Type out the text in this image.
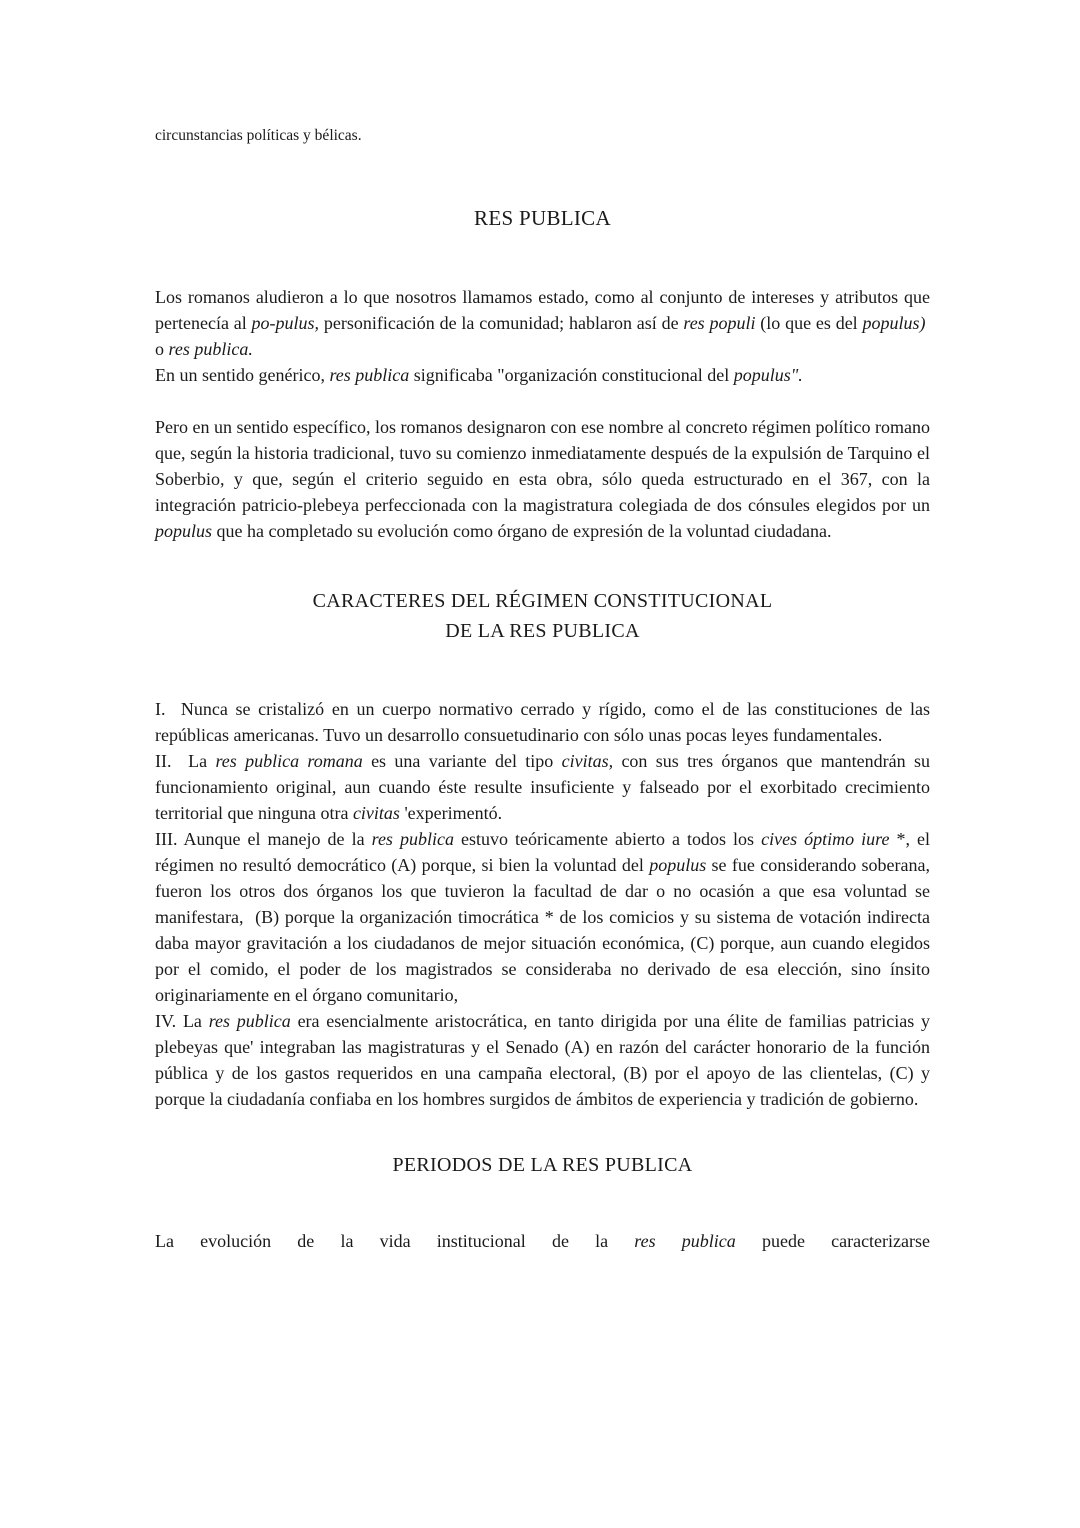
circunstancias políticas y bélicas.

RES PUBLICA

Los romanos aludieron a lo que nosotros llamamos estado, como al conjunto de intereses y atributos que pertenecía al po-pulus, personificación de la comunidad; hablaron así de res populi (lo que es del populus)  o res publica.

En un sentido genérico, res publica significaba "organización constitucional del populus".

Pero en un sentido específico, los romanos designaron con ese nombre al concreto régimen político romano que, según la historia tradicional, tuvo su comienzo inmediatamente después de la expulsión de Tarquino el Soberbio, y que, según el criterio seguido en esta obra, sólo queda estructurado en el 367, con la integración patricio-plebeya perfeccionada con la magistratura colegiada de dos cónsules elegidos por un populus que ha completado su evolución como órgano de expresión de la voluntad ciudadana.

CARACTERES DEL RÉGIMEN CONSTITUCIONAL
DE LA RES PUBLICA

I.  Nunca se cristalizó en un cuerpo normativo cerrado y rígido, como el de las constituciones de las repúblicas americanas. Tuvo un desarrollo consuetudinario con sólo unas pocas leyes fundamentales.

II.  La res publica romana es una variante del tipo civitas, con sus tres órganos que mantendrán su funcionamiento original, aun cuando éste resulte insuficiente y falseado por el exorbitado crecimiento territorial que ninguna otra civitas 'experimentó.

III. Aunque el manejo de la res publica estuvo teóricamente abierto a todos los cives óptimo iure *, el régimen no resultó democrático (A) porque, si bien la voluntad del populus se fue considerando soberana, fueron los otros dos órganos los que tuvieron la facultad de dar o no ocasión a que esa voluntad se manifestara,  (B) porque la organización timocrática * de los comicios y su sistema de votación indirecta daba mayor gravitación a los ciudadanos de mejor situación económica, (C) porque, aun cuando elegidos por el comido, el poder de los magistrados se consideraba no derivado de esa elección, sino ínsito originariamente en el órgano comunitario,

IV. La res publica era esencialmente aristocrática, en tanto dirigida por una élite de familias patricias y plebeyas que' integraban las magistraturas y el Senado (A) en razón del carácter honorario de la función pública y de los gastos requeridos en una campaña electoral, (B) por el apoyo de las clientelas, (C) y porque la ciudadanía confiaba en los hombres surgidos de ámbitos de experiencia y tradición de gobierno.

PERIODOS DE LA RES PUBLICA

La evolución de la vida institucional de la res publica puede caracterizarse
